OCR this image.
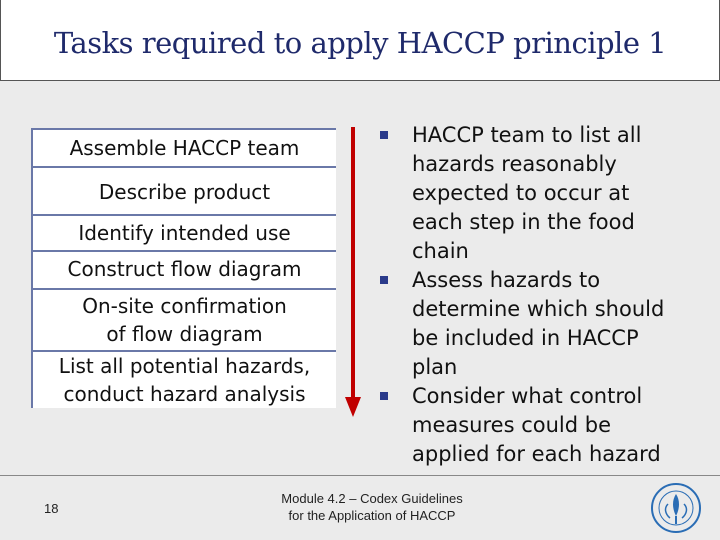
Tasks required to apply HACCP principle 1
Assemble HACCP team
Describe product
Identify intended use
Construct flow diagram
On-site confirmation of flow diagram
List all potential hazards, conduct hazard analysis
HACCP team to list all hazards reasonably expected to occur at each step in the food chain
Assess hazards to determine which should be included in HACCP plan
Consider what control measures could be applied for each hazard
18
Module 4.2 – Codex Guidelines
for the Application of HACCP
